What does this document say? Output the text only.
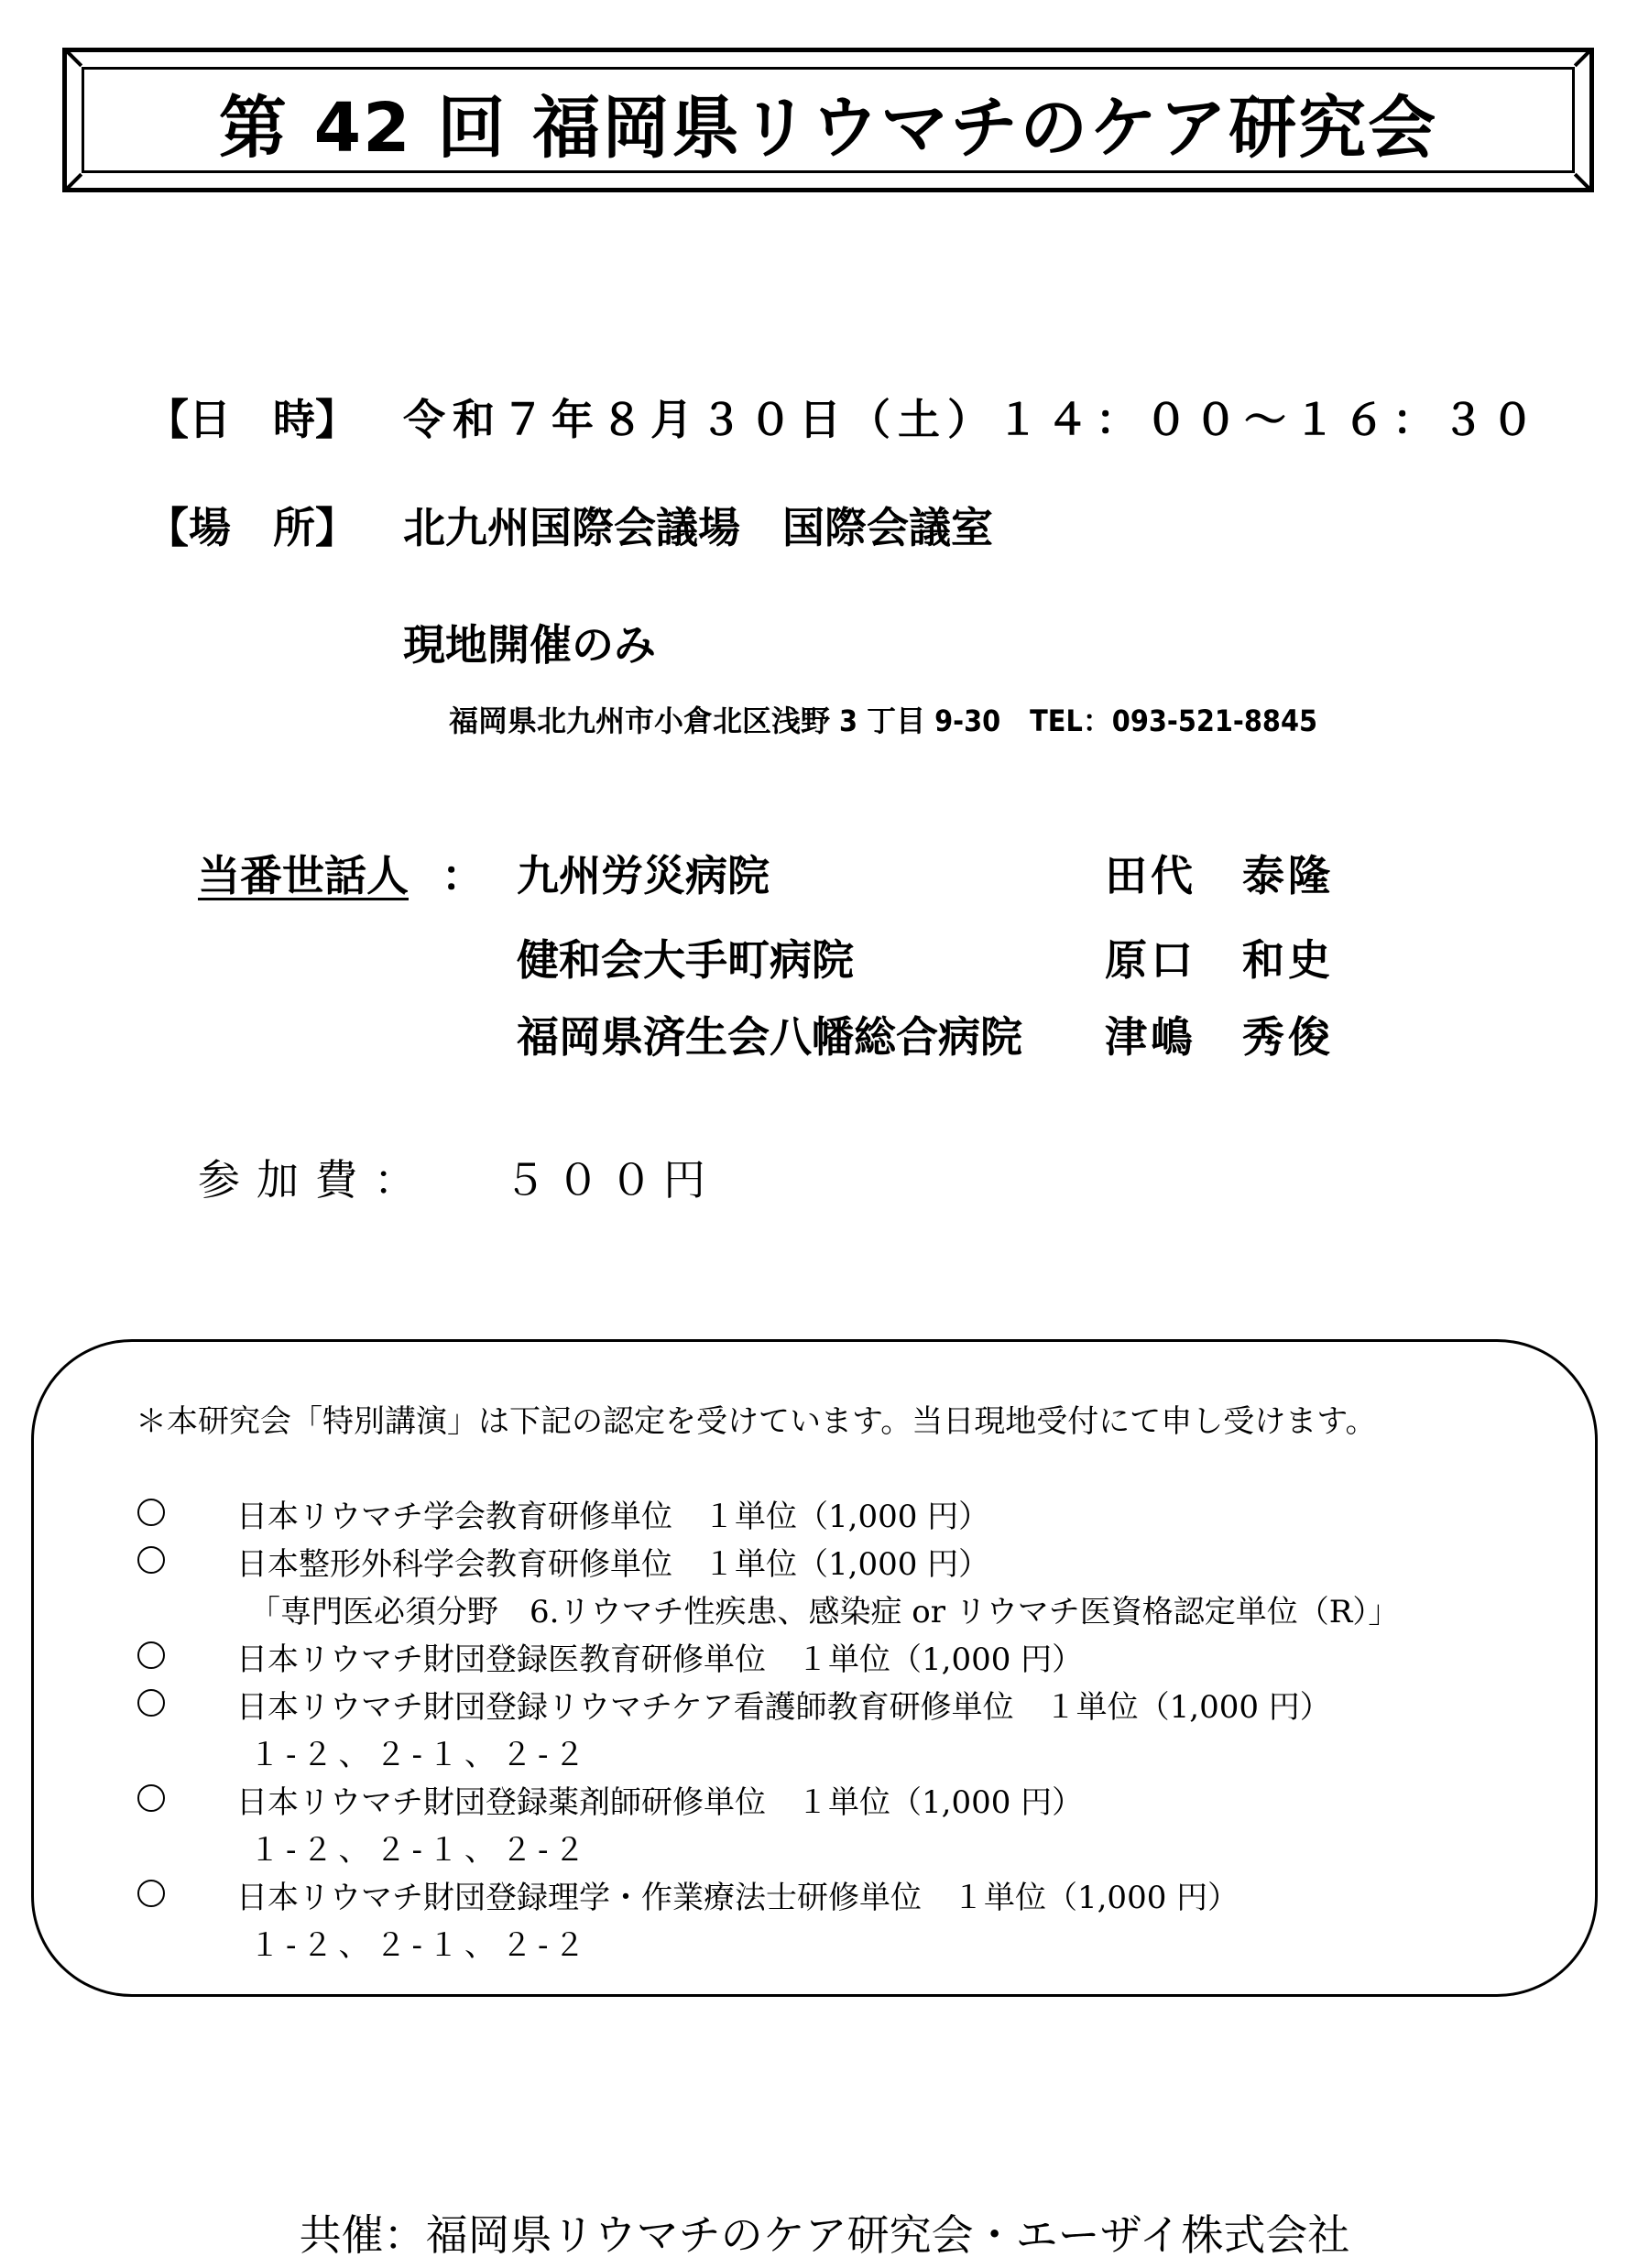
第 42 回 福岡県リウマチのケア研究会
【日　時】 令和７年８月３０日（土）１４：００～１６：３０
【場　所】 北九州国際会議場　国際会議室
現地開催のみ
福岡県北九州市小倉北区浅野 3 丁目 9-30　TEL：093-521-8845
当番世話人 ： 九州労災病院	田代　泰隆
健和会大手町病院	原口　和史
福岡県済生会八幡総合病院 津嶋　秀俊
参加費： ５００円
＊本研究会「特別講演」は下記の認定を受けています。当日現地受付にて申し受けます。
日本リウマチ学会教育研修単位　１単位（1,000 円）
日本整形外科学会教育研修単位　１単位（1,000 円）
「専門医必須分野　6.リウマチ性疾患、感染症 or リウマチ医資格認定単位（R）」
日本リウマチ財団登録医教育研修単位　１単位（1,000 円）
日本リウマチ財団登録リウマチケア看護師教育研修単位　１単位（1,000 円）
１-２、２-１、２-２
日本リウマチ財団登録薬剤師研修単位　１単位（1,000 円）
１-２、２-１、２-２
日本リウマチ財団登録理学・作業療法士研修単位　１単位（1,000 円）
１-２、２-１、２-２
共催：福岡県リウマチのケア研究会・エーザイ株式会社
